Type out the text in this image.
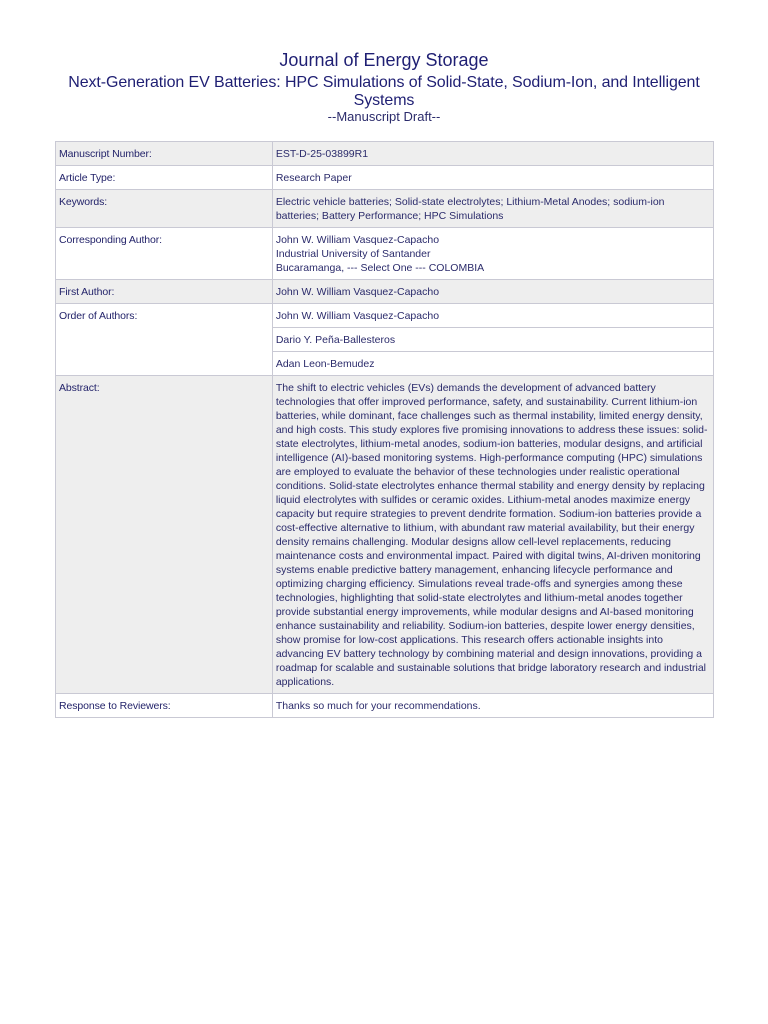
Journal of Energy Storage
Next-Generation EV Batteries: HPC Simulations of Solid-State, Sodium-Ion, and Intelligent Systems

--Manuscript Draft--

Manuscript Number:	EST-D-25-03899R1
Article Type:	Research Paper
Keywords:	Electric vehicle batteries; Solid-state electrolytes; Lithium-Metal Anodes; sodium-ion batteries; Battery Performance; HPC Simulations
Corresponding Author:	John W. William Vasquez-Capacho
Industrial University of Santander
Bucaramanga, --- Select One --- COLOMBIA

First Author:	John W. William Vasquez-Capacho
Order of Authors:	John W. William Vasquez-Capacho
	Dario Y. Peña-Ballesteros
	Adan Leon-Bemudez
Abstract:	The shift to electric vehicles (EVs) demands the development of advanced battery technologies that offer improved performance, safety, and sustainability. Current lithium-ion batteries, while dominant, face challenges such as thermal instability, limited energy density, and high costs. This study explores five promising innovations to address these issues: solid-state electrolytes, lithium-metal anodes, sodium-ion batteries, modular designs, and artificial intelligence (AI)-based monitoring systems. High-performance computing (HPC) simulations are employed to evaluate the behavior of these technologies under realistic operational conditions. Solid-state electrolytes enhance thermal stability and energy density by replacing liquid electrolytes with sulfides or ceramic oxides. Lithium-metal anodes maximize energy capacity but require strategies to prevent dendrite formation. Sodium-ion batteries provide a cost-effective alternative to lithium, with abundant raw material availability, but their energy density remains challenging. Modular designs allow cell-level replacements, reducing maintenance costs and environmental impact. Paired with digital twins, AI-driven monitoring systems enable predictive battery management, enhancing lifecycle performance and optimizing charging efficiency. Simulations reveal trade-offs and synergies among these technologies, highlighting that solid-state electrolytes and lithium-metal anodes together provide substantial energy improvements, while modular designs and AI-based monitoring enhance sustainability and reliability. Sodium-ion batteries, despite lower energy densities, show promise for low-cost applications. This research offers actionable insights into advancing EV battery technology by combining material and design innovations, providing a roadmap for scalable and sustainable solutions that bridge laboratory research and industrial applications.
Response to Reviewers:	Thanks so much for your recommendations.
